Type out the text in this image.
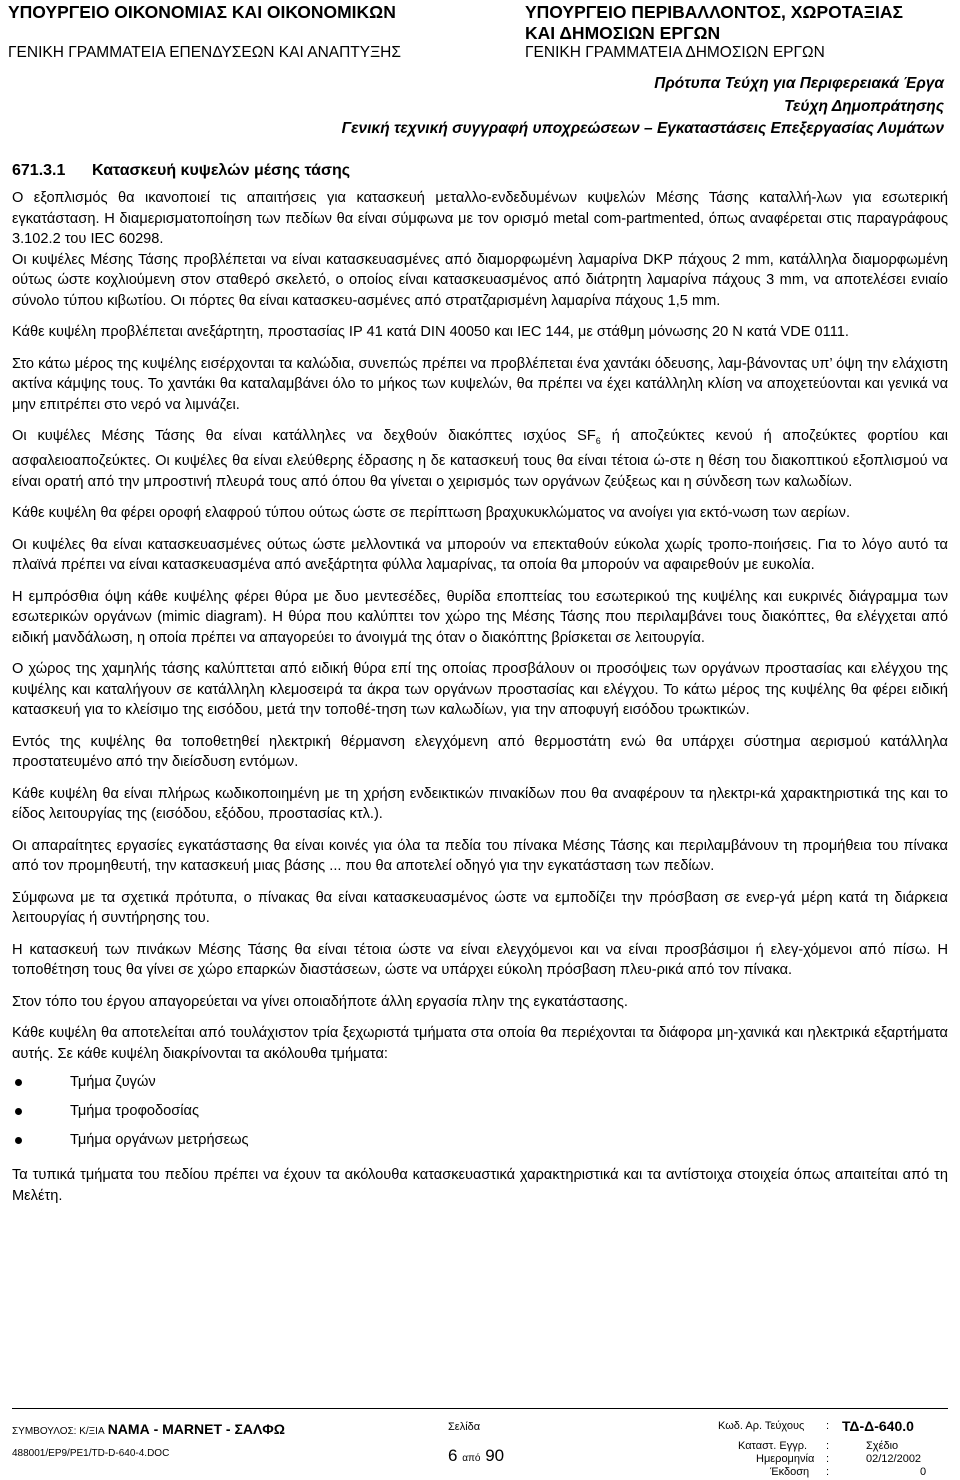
ΥΠΟΥΡΓΕΙΟ ΟΙΚΟΝΟΜΙΑΣ ΚΑΙ ΟΙΚΟΝΟΜΙΚΩΝ
ΓΕΝΙΚΗ ΓΡΑΜΜΑΤΕΙΑ ΕΠΕΝΔΥΣΕΩΝ ΚΑΙ ΑΝΑΠΤΥΞΗΣ
ΥΠΟΥΡΓΕΙΟ ΠΕΡΙΒΑΛΛΟΝΤΟΣ, ΧΩΡΟΤΑΞΙΑΣ
ΚΑΙ ΔΗΜΟΣΙΩΝ ΕΡΓΩΝ
ΓΕΝΙΚΗ ΓΡΑΜΜΑΤΕΙΑ ΔΗΜΟΣΙΩΝ ΕΡΓΩΝ
Πρότυπα Τεύχη για Περιφερειακά Έργα
Τεύχη Δημοπράτησης
Γενική τεχνική συγγραφή υποχρεώσεων – Εγκαταστάσεις Επεξεργασίας Λυμάτων
671.3.1 Κατασκευή κυψελών μέσης τάσης

Ο εξοπλισμός θα ικανοποιεί τις απαιτήσεις για κατασκευή μεταλλο-ενδεδυμένων κυψελών Μέσης Τάσης καταλλή-λων για εσωτερική εγκατάσταση. Η διαμερισματοποίηση των πεδίων θα είναι σύμφωνα με τον ορισμό metal com-partmented, όπως αναφέρεται στις παραγράφους 3.102.2 του IEC 60298.

Οι κυψέλες Μέσης Τάσης προβλέπεται να είναι κατασκευασμένες από διαμορφωμένη λαμαρίνα DKP πάχους 2 mm, κατάλληλα διαμορφωμένη ούτως ώστε κοχλιούμενη στον σταθερό σκελετό, ο οποίος είναι κατασκευασμένος από διάτρητη λαμαρίνα πάχους 3 mm, να αποτελέσει ενιαίο σύνολο τύπου κιβωτίου. Οι πόρτες θα είναι κατασκευ-ασμένες από στρατζαρισμένη λαμαρίνα πάχους 1,5 mm.

Κάθε κυψέλη προβλέπεται ανεξάρτητη, προστασίας IP 41 κατά DIN 40050 και IEC 144, με στάθμη μόνωσης 20 N κατά VDE 0111.

Στο κάτω μέρος της κυψέλης εισέρχονται τα καλώδια, συνεπώς πρέπει να προβλέπεται ένα χαντάκι όδευσης, λαμ-βάνοντας υπ’ όψη την ελάχιστη ακτίνα κάμψης τους. Το χαντάκι θα καταλαμβάνει όλο το μήκος των κυψελών, θα πρέπει να έχει κατάλληλη κλίση να αποχετεύονται και γενικά να μην επιτρέπει στο νερό να λιμνάζει.

Οι κυψέλες Μέσης Τάσης θα είναι κατάλληλες να δεχθούν διακόπτες ισχύος $SF_6$ ή αποζεύκτες κενού ή αποζεύκτες φορτίου και ασφαλειοαποζεύκτες. Οι κυψέλες θα είναι ελεύθερης έδρασης η δε κατασκευή τους θα είναι τέτοια ώ-στε η θέση του διακοπτικού εξοπλισμού να είναι ορατή από την μπροστινή πλευρά τους από όπου θα γίνεται ο χειρισμός των οργάνων ζεύξεως και η σύνδεση των καλωδίων.

Κάθε κυψέλη θα φέρει οροφή ελαφρού τύπου ούτως ώστε σε περίπτωση βραχυκυκλώματος να ανοίγει για εκτό-νωση των αερίων.

Οι κυψέλες θα είναι κατασκευασμένες ούτως ώστε μελλοντικά να μπορούν να επεκταθούν εύκολα χωρίς τροπο-ποιήσεις. Για το λόγο αυτό τα πλαϊνά πρέπει να είναι κατασκευασμένα από ανεξάρτητα φύλλα λαμαρίνας, τα οποία θα μπορούν να αφαιρεθούν με ευκολία.

Η εμπρόσθια όψη κάθε κυψέλης φέρει θύρα με δυο μεντεσέδες, θυρίδα εποπτείας του εσωτερικού της κυψέλης και ευκρινές διάγραμμα των εσωτερικών οργάνων (mimic diagram). Η θύρα που καλύπτει τον χώρο της Μέσης Τάσης που περιλαμβάνει τους διακόπτες, θα ελέγχεται από ειδική μανδάλωση, η οποία πρέπει να απαγορεύει το άνοιγμά της όταν ο διακόπτης βρίσκεται σε λειτουργία.

Ο χώρος της χαμηλής τάσης καλύπτεται από ειδική θύρα επί της οποίας προσβάλουν οι προσόψεις των οργάνων προστασίας και ελέγχου της κυψέλης και καταλήγουν σε κατάλληλη κλεμοσειρά τα άκρα των οργάνων προστασίας και ελέγχου. Το κάτω μέρος της κυψέλης θα φέρει ειδική κατασκευή για το κλείσιμο της εισόδου, μετά την τοποθέ-τηση των καλωδίων, για την αποφυγή εισόδου τρωκτικών.

Εντός της κυψέλης θα τοποθετηθεί ηλεκτρική θέρμανση ελεγχόμενη από θερμοστάτη ενώ θα υπάρχει σύστημα αερισμού κατάλληλα προστατευμένο από την διείσδυση εντόμων.

Κάθε κυψέλη θα είναι πλήρως κωδικοποιημένη με τη χρήση ενδεικτικών πινακίδων που θα αναφέρουν τα ηλεκτρι-κά χαρακτηριστικά της και το είδος λειτουργίας της (εισόδου, εξόδου, προστασίας κτλ.).

Οι απαραίτητες εργασίες εγκατάστασης θα είναι κοινές για όλα τα πεδία του πίνακα Μέσης Τάσης και περιλαμβάνουν τη προμήθεια του πίνακα από τον προμηθευτή, την κατασκευή μιας βάσης ... που θα αποτελεί οδηγό για την εγκατάσταση των πεδίων.

Σύμφωνα με τα σχετικά πρότυπα, ο πίνακας θα είναι κατασκευασμένος ώστε να εμποδίζει την πρόσβαση σε ενερ-γά μέρη κατά τη διάρκεια λειτουργίας ή συντήρησης του.

Η κατασκευή των πινάκων Μέσης Τάσης θα είναι τέτοια ώστε να είναι ελεγχόμενοι και να είναι προσβάσιμοι ή ελεγ-χόμενοι από πίσω. Η τοποθέτηση τους θα γίνει σε χώρο επαρκών διαστάσεων, ώστε να υπάρχει εύκολη πρόσβαση πλευ-ρικά από τον πίνακα.

Στον τόπο του έργου απαγορεύεται να γίνει οποιαδήποτε άλλη εργασία πλην της εγκατάστασης.

Κάθε κυψέλη θα αποτελείται από τουλάχιστον τρία ξεχωριστά τμήματα στα οποία θα περιέχονται τα διάφορα μη-χανικά και ηλεκτρικά εξαρτήματα αυτής. Σε κάθε κυψέλη διακρίνονται τα ακόλουθα τμήματα:

Τμήμα ζυγών
Τμήμα τροφοδοσίας
Τμήμα οργάνων μετρήσεως

Τα τυπικά τμήματα του πεδίου πρέπει να έχουν τα ακόλουθα κατασκευαστικά χαρακτηριστικά και τα αντίστοιχα στοιχεία όπως απαιτείται από τη Μελέτη.

ΣΥΜΒΟΥΛΟΣ: Κ/ΞΙΑ ΝΑΜΑ - MARNET - ΣΑΛΦΩ
488001/EP9/PE1/TD-D-640-4.DOC
Σελίδα
6 από 90
Κωδ. Αρ. Τεύχους : ΤΔ-Δ-640.0
Καταστ. Εγγρ. :	Σχέδιο
Ημερομηνία :	02/12/2002
Έκδοση :	0
